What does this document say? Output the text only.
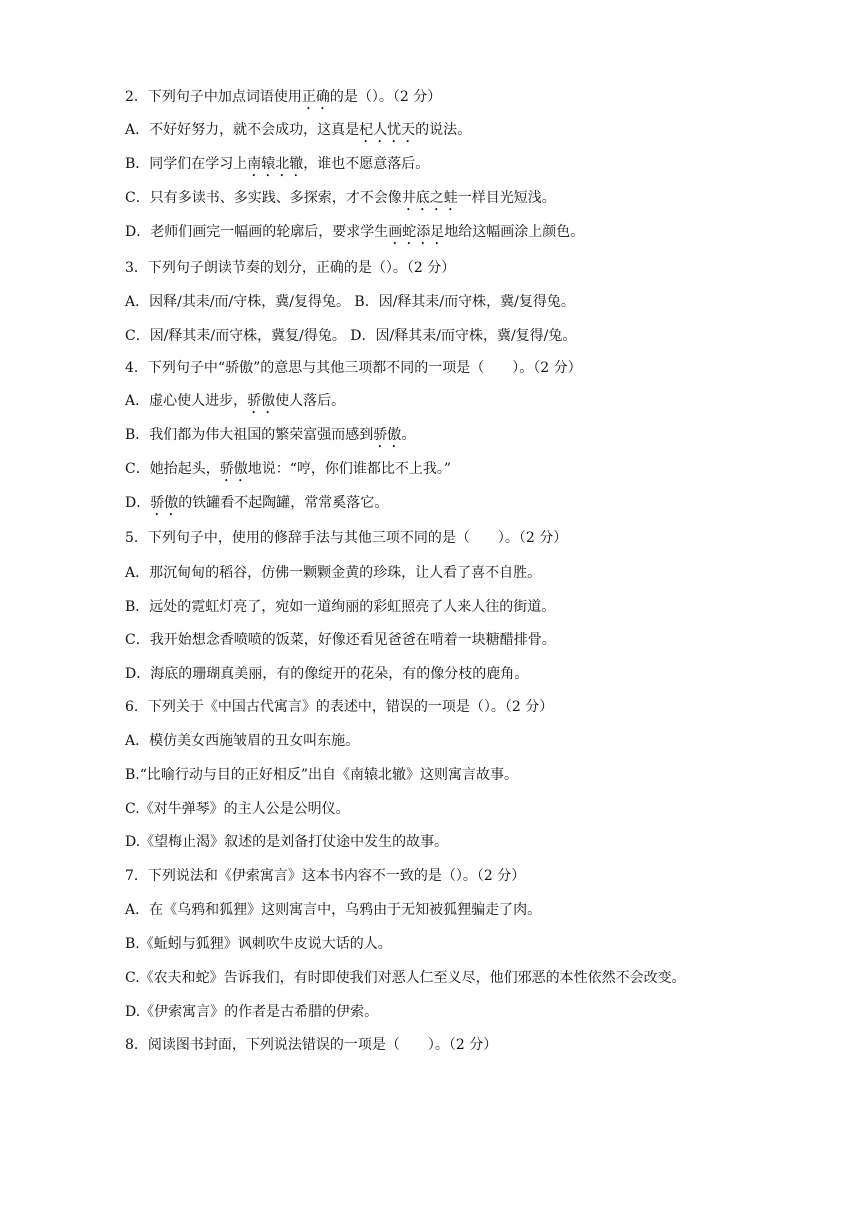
2．下列句子中加点词语使用正确的是（）。（2 分）
A．不好好努力，就不会成功，这真是杞人忧天的说法。
B．同学们在学习上南辕北辙，谁也不愿意落后。
C．只有多读书、多实践、多探索，才不会像井底之蛙一样目光短浅。
D．老师们画完一幅画的轮廓后，要求学生画蛇添足地给这幅画涂上颜色。
3．下列句子朗读节奏的划分，正确的是（）。（2 分）
A．因释/其耒/而/守株，冀/复得兔。 B．因/释其耒/而守株，冀/复得兔。
C．因/释其耒/而守株，冀复/得兔。 D．因/释其耒/而守株，冀/复得/兔。
4．下列句子中“骄傲”的意思与其他三项都不同的一项是（　　）。（2 分）
A．虚心使人进步，骄傲使人落后。
B．我们都为伟大祖国的繁荣富强而感到骄傲。
C．她抬起头，骄傲地说：“哼，你们谁都比不上我。”
D．骄傲的铁罐看不起陶罐，常常奚落它。
5．下列句子中，使用的修辞手法与其他三项不同的是（　　）。（2 分）
A．那沉甸甸的稻谷，仿佛一颗颗金黄的珍珠，让人看了喜不自胜。
B．远处的霓虹灯亮了，宛如一道绚丽的彩虹照亮了人来人往的街道。
C．我开始想念香喷喷的饭菜，好像还看见爸爸在啃着一块糖醋排骨。
D．海底的珊瑚真美丽，有的像绽开的花朵，有的像分枝的鹿角。
6．下列关于《中国古代寓言》的表述中，错误的一项是（）。（2 分）
A．模仿美女西施皱眉的丑女叫东施。
B.“比喻行动与目的正好相反”出自《南辕北辙》这则寓言故事。
C.《对牛弹琴》的主人公是公明仪。
D.《望梅止渴》叙述的是刘备打仗途中发生的故事。
7．下列说法和《伊索寓言》这本书内容不一致的是（）。（2 分）
A．在《乌鸦和狐狸》这则寓言中，乌鸦由于无知被狐狸骗走了肉。
B.《蚯蚓与狐狸》讽刺吹牛皮说大话的人。
C.《农夫和蛇》告诉我们，有时即使我们对恶人仁至义尽，他们邪恶的本性依然不会改变。
D.《伊索寓言》的作者是古希腊的伊索。
8．阅读图书封面，下列说法错误的一项是（　　）。（2 分）
